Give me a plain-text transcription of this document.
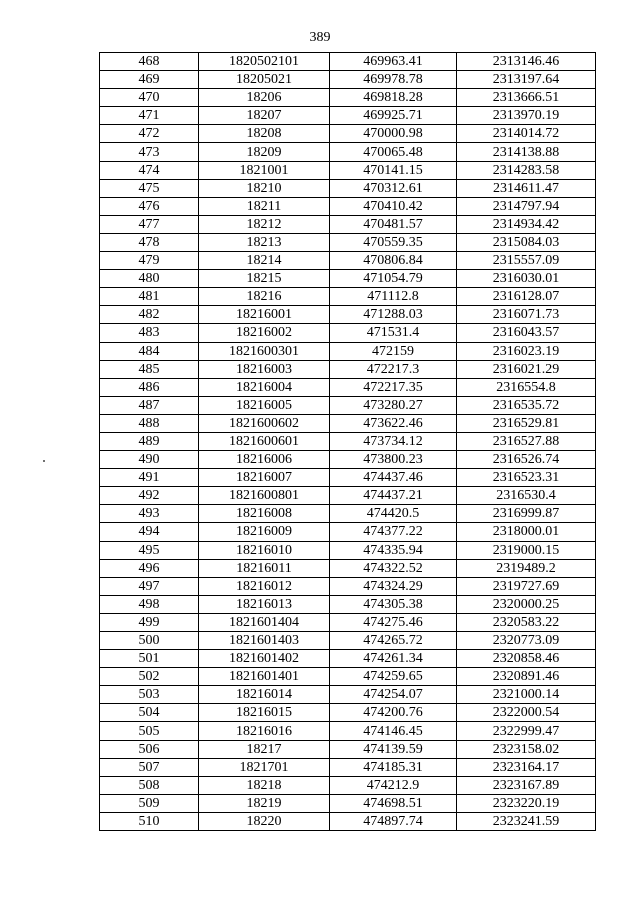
389
468	1820502101	469963.41	2313146.46
469	18205021	469978.78	2313197.64
470	18206	469818.28	2313666.51
471	18207	469925.71	2313970.19
472	18208	470000.98	2314014.72
473	18209	470065.48	2314138.88
474	1821001	470141.15	2314283.58
475	18210	470312.61	2314611.47
476	18211	470410.42	2314797.94
477	18212	470481.57	2314934.42
478	18213	470559.35	2315084.03
479	18214	470806.84	2315557.09
480	18215	471054.79	2316030.01
481	18216	471112.8	2316128.07
482	18216001	471288.03	2316071.73
483	18216002	471531.4	2316043.57
484	1821600301	472159	2316023.19
485	18216003	472217.3	2316021.29
486	18216004	472217.35	2316554.8
487	18216005	473280.27	2316535.72
488	1821600602	473622.46	2316529.81
489	1821600601	473734.12	2316527.88
490	18216006	473800.23	2316526.74
491	18216007	474437.46	2316523.31
492	1821600801	474437.21	2316530.4
493	18216008	474420.5	2316999.87
494	18216009	474377.22	2318000.01
495	18216010	474335.94	2319000.15
496	18216011	474322.52	2319489.2
497	18216012	474324.29	2319727.69
498	18216013	474305.38	2320000.25
499	1821601404	474275.46	2320583.22
500	1821601403	474265.72	2320773.09
501	1821601402	474261.34	2320858.46
502	1821601401	474259.65	2320891.46
503	18216014	474254.07	2321000.14
504	18216015	474200.76	2322000.54
505	18216016	474146.45	2322999.47
506	18217	474139.59	2323158.02
507	1821701	474185.31	2323164.17
508	18218	474212.9	2323167.89
509	18219	474698.51	2323220.19
510	18220	474897.74	2323241.59
